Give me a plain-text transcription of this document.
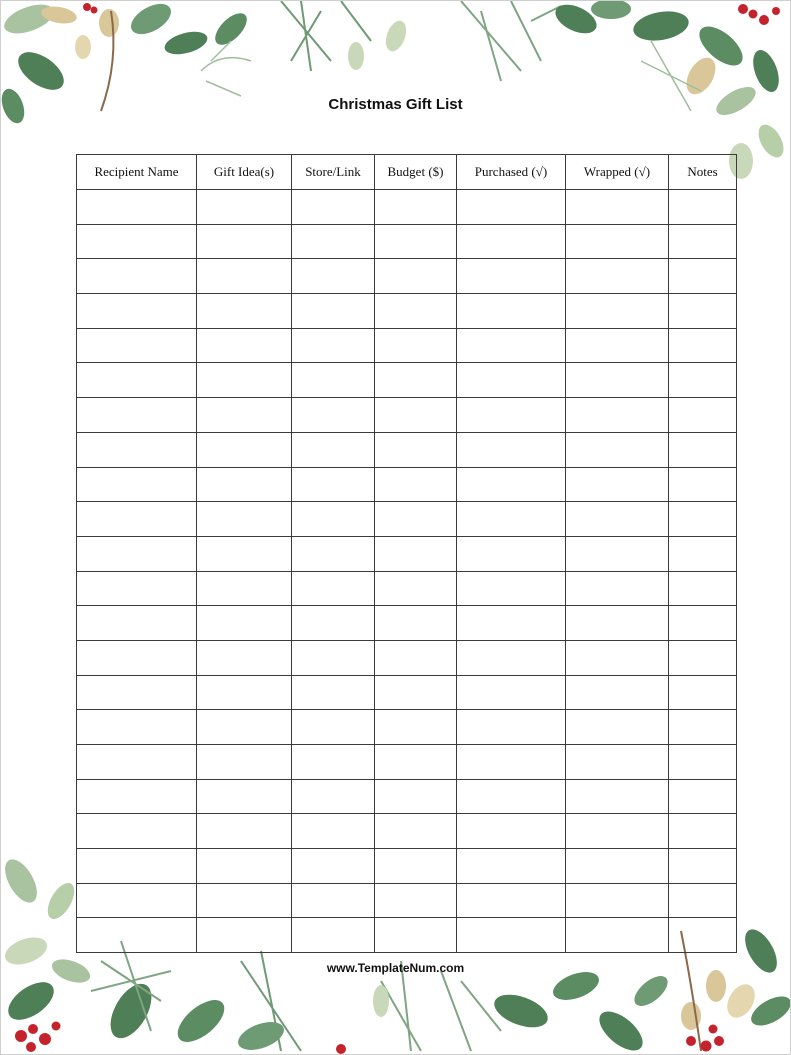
Christmas Gift List
Recipient Name	Gift Idea(s)	Store/Link	Budget ($)	Purchased (√)	Wrapped (√)	Notes

www.TemplateNum.com
